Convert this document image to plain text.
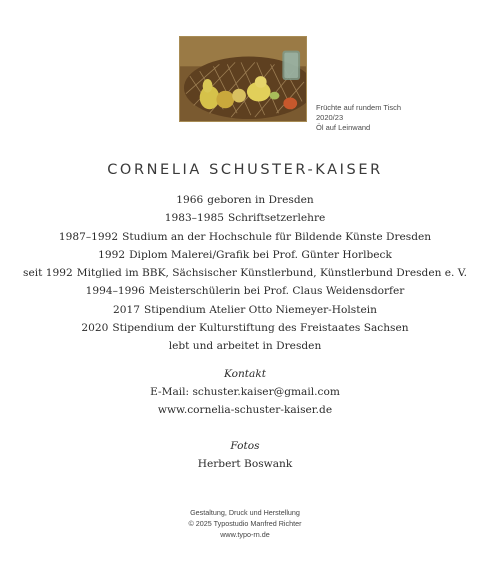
Früchte auf rundem Tisch
2020/23
Öl auf Leinwand
CORNELIA SCHUSTER-KAISER
1966 geboren in Dresden
1983–1985 Schriftsetzerlehre
1987–1992 Studium an der Hochschule für Bildende Künste Dresden
1992 Diplom Malerei/Grafik bei Prof. Günter Horlbeck
seit 1992 Mitglied im BBK, Sächsischer Künstlerbund, Künstlerbund Dresden e. V.
1994–1996 Meisterschülerin bei Prof. Claus Weidensdorfer
2017 Stipendium Atelier Otto Niemeyer-Holstein
2020 Stipendium der Kulturstiftung des Freistaates Sachsen
lebt und arbeitet in Dresden
Kontakt
E-Mail: schuster.kaiser@gmail.com
www.cornelia-schuster-kaiser.de
Fotos
Herbert Boswank
Gestaltung, Druck und Herstellung
© 2025 Typostudio Manfred Richter
www.typo-rn.de
